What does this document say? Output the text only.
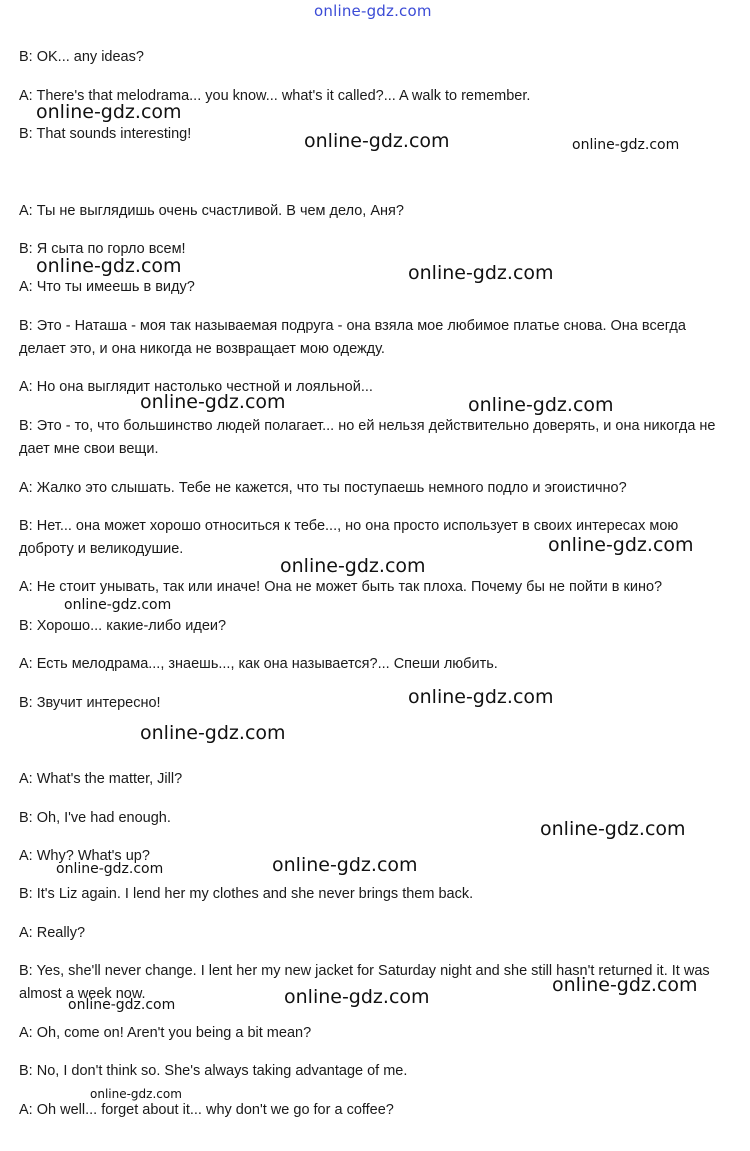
online-gdz.com
B: OK... any ideas?
A: There's that melodrama... you know... what's it called?... A walk to remember.
B: That sounds interesting!
A: Ты не выглядишь очень счастливой. В чем дело, Аня?
B: Я сыта по горло всем!
A: Что ты имеешь в виду?
B: Это - Наташа - моя так называемая подруга - она взяла мое любимое платье снова. Она всегда делает это, и она никогда не возвращает мою одежду.
A: Но она выглядит настолько честной и лояльной...
B: Это - то, что большинство людей полагает... но ей нельзя действительно доверять, и она никогда не дает мне свои вещи.
A: Жалко это слышать. Тебе не кажется, что ты поступаешь немного подло и эгоистично?
B: Нет... она может хорошо относиться к тебе..., но она просто использует в своих интересах мою доброту и великодушие.
A: Не стоит унывать, так или иначе! Она не может быть так плоха. Почему бы не пойти в кино?
B: Хорошо... какие-либо идеи?
A: Есть мелодрама..., знаешь..., как она называется?... Спеши любить.
B: Звучит интересно!
A: What's the matter, Jill?
B: Oh, I've had enough.
A: Why? What's up?
B: It's Liz again. I lend her my clothes and she never brings them back.
A: Really?
B: Yes, she'll never change. I lent her my new jacket for Saturday night and she still hasn't returned it. It was almost a week now.
A: Oh, come on! Aren't you being a bit mean?
B: No, I don't think so. She's always taking advantage of me.
A: Oh well... forget about it... why don't we go for a coffee?
online-gdz.com
online-gdz.com	online-gdz.com
online-gdz.com	online-gdz.com
online-gdz.com	online-gdz.com
online-gdz.com
online-gdz.com
online-gdz.com
online-gdz.com
online-gdz.com
online-gdz.com
online-gdz.com
online-gdz.com
online-gdz.com
online-gdz.com
online-gdz.com
online-gdz.com
